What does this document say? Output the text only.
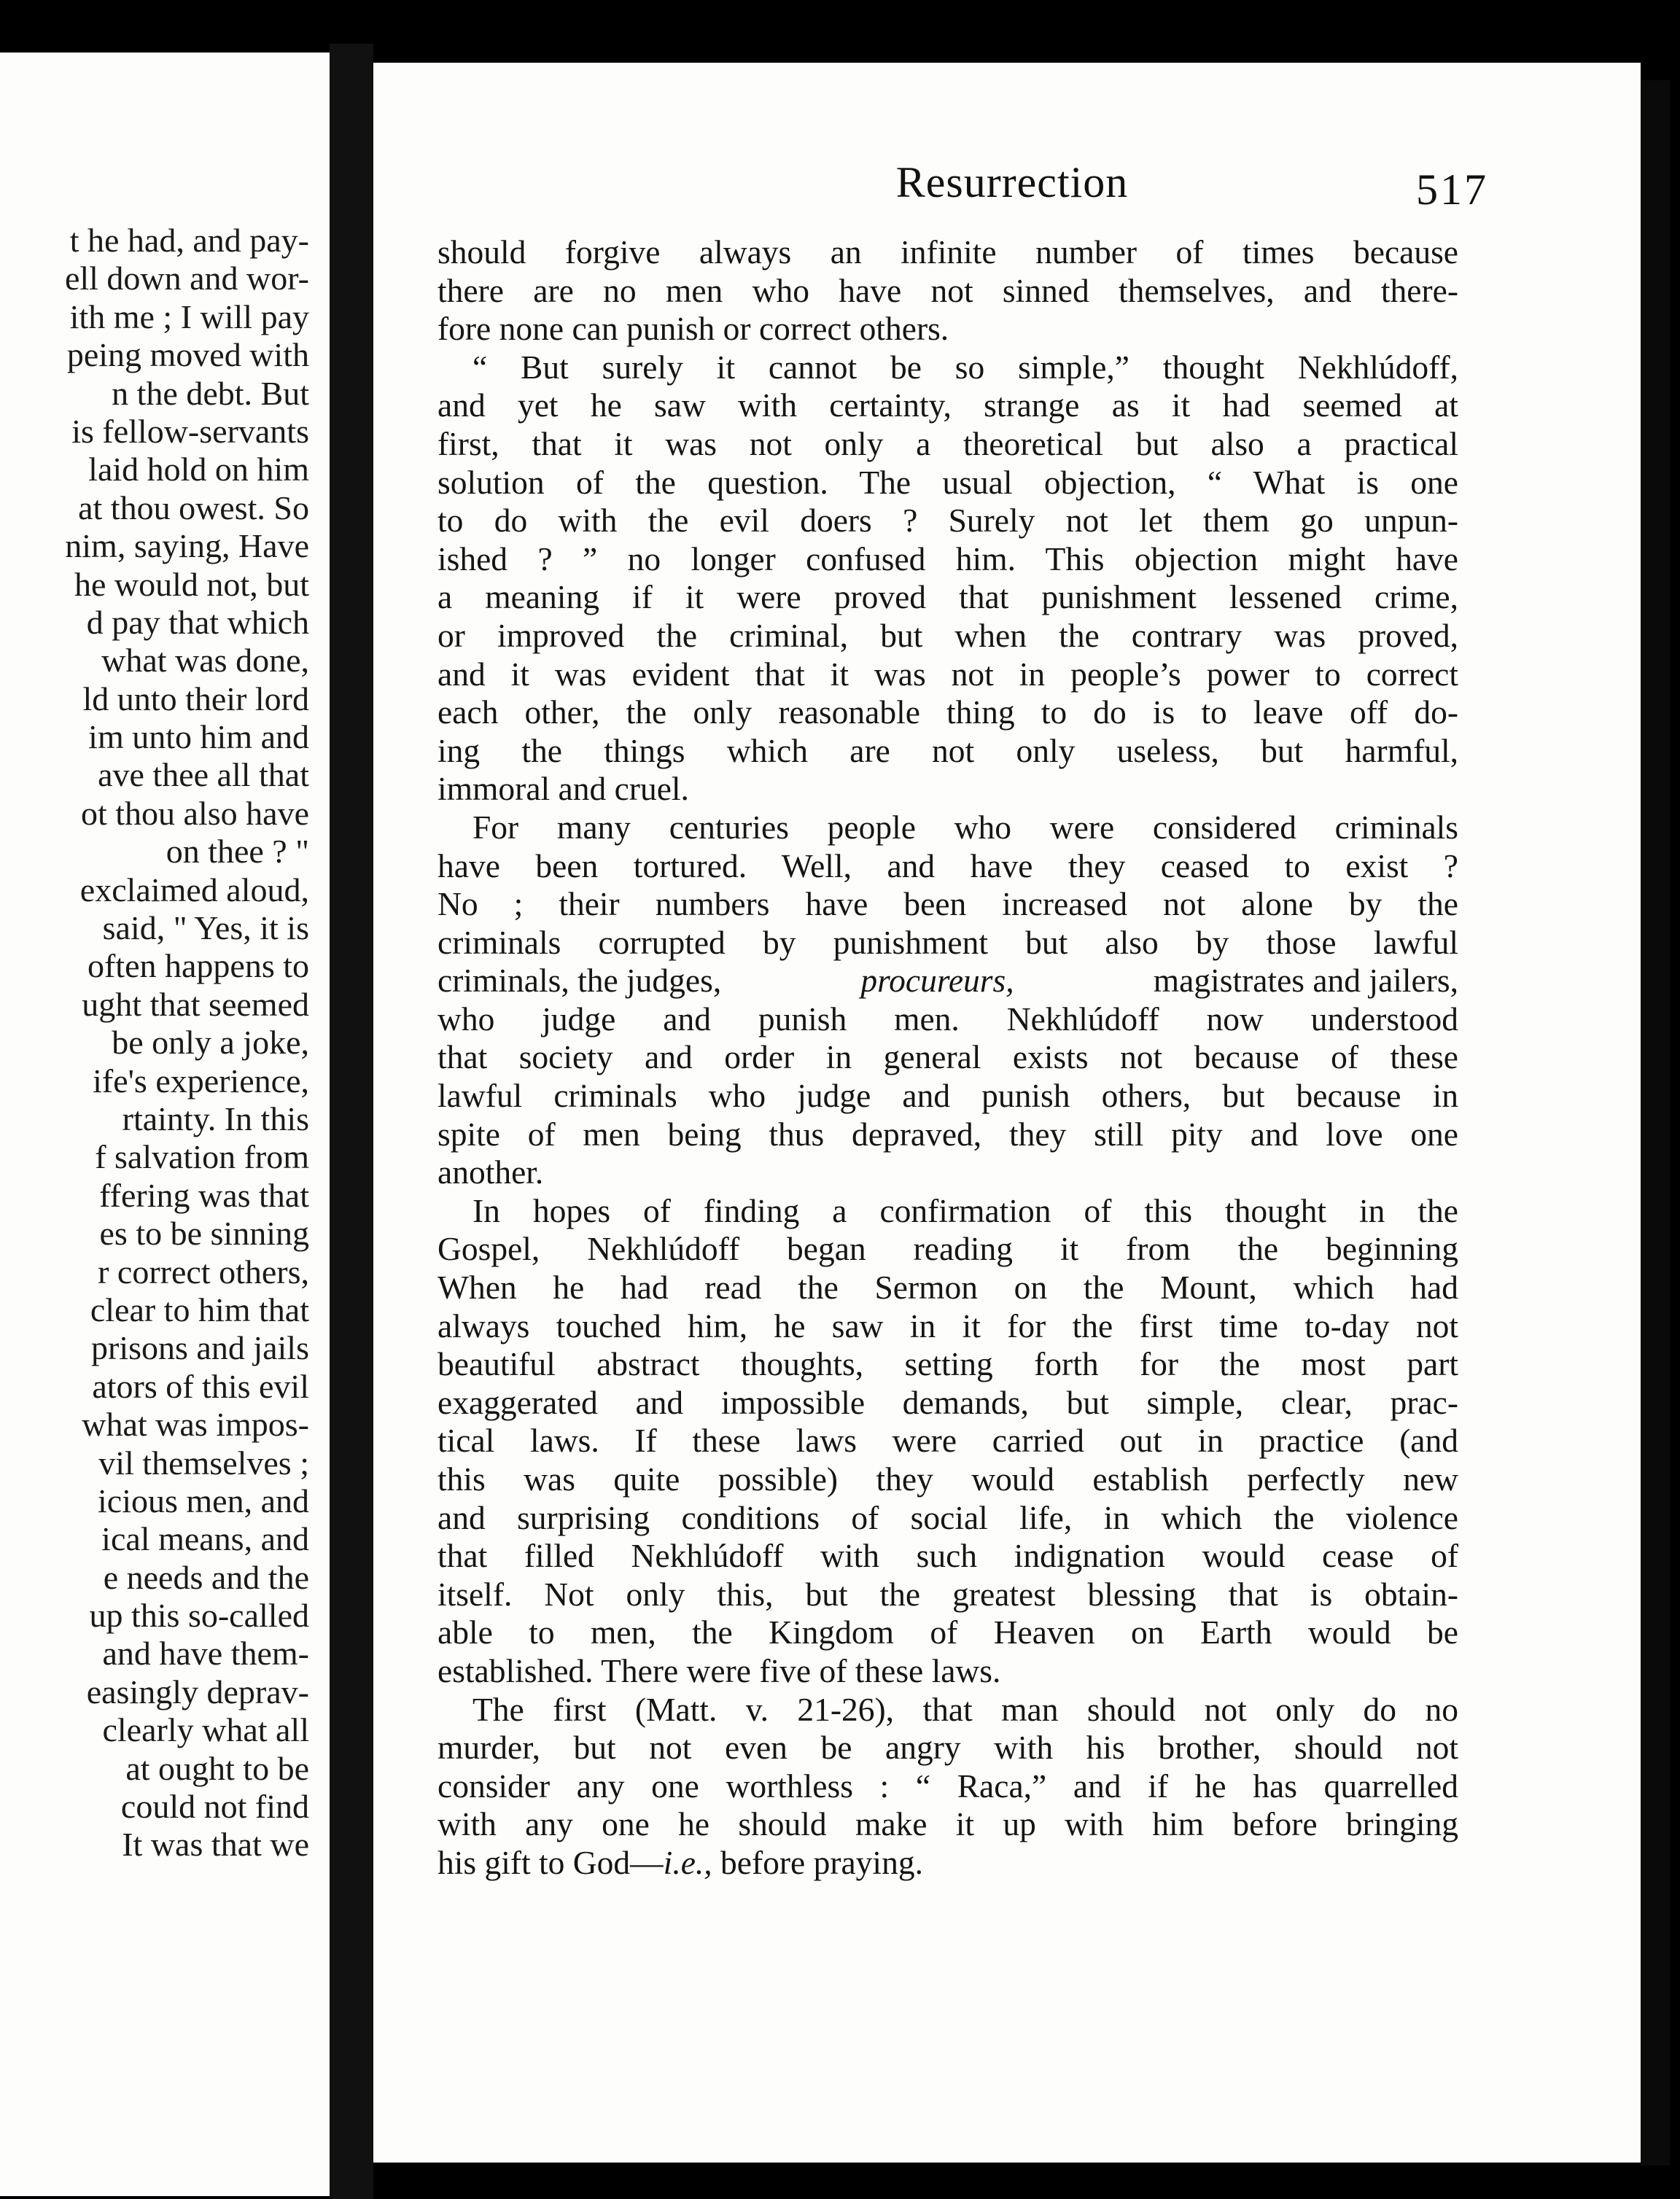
t he had, and pay-
ell down and wor-
ith me ; I will pay
peing moved with
n the debt. But
is fellow-servants
laid hold on him
at thou owest. So
nim, saying, Have
he would not, but
d pay that which
what was done,
ld unto their lord
im unto him and
ave thee all that
ot thou also have
on thee ? "
exclaimed aloud,
said, " Yes, it is
often happens to
ught that seemed
be only a joke,
ife's experience,
rtainty. In this
f salvation from
ffering was that
es to be sinning
r correct others,
clear to him that
prisons and jails
ators of this evil
what was impos-
vil themselves ;
icious men, and
ical means, and
e needs and the
up this so-called
and have them-
easingly deprav-
clearly what all
at ought to be
could not find
It was that we
Resurrection	517
should forgive always an infinite number of times because
there are no men who have not sinned themselves, and there-
fore none can punish or correct others.
“ But surely it cannot be so simple,” thought Nekhlúdoff,
and yet he saw with certainty, strange as it had seemed at
first, that it was not only a theoretical but also a practical
solution of the question. The usual objection, “ What is one
to do with the evil doers ? Surely not let them go unpun-
ished ? ” no longer confused him. This objection might have
a meaning if it were proved that punishment lessened crime,
or improved the criminal, but when the contrary was proved,
and it was evident that it was not in people’s power to correct
each other, the only reasonable thing to do is to leave off do-
ing the things which are not only useless, but harmful,
immoral and cruel.
For many centuries people who were considered criminals
have been tortured. Well, and have they ceased to exist ?
No ; their numbers have been increased not alone by the
criminals corrupted by punishment but also by those lawful
criminals, the judges,	procureurs,	magistrates and jailers,
who judge and punish men. Nekhlúdoff now understood
that society and order in general exists not because of these
lawful criminals who judge and punish others, but because in
spite of men being thus depraved, they still pity and love one
another.
In hopes of finding a confirmation of this thought in the
Gospel, Nekhlúdoff began reading it from the beginning
When he had read the Sermon on the Mount, which had
always touched him, he saw in it for the first time to-day not
beautiful abstract thoughts, setting forth for the most part
exaggerated and impossible demands, but simple, clear, prac-
tical laws. If these laws were carried out in practice (and
this was quite possible) they would establish perfectly new
and surprising conditions of social life, in which the violence
that filled Nekhlúdoff with such indignation would cease of
itself. Not only this, but the greatest blessing that is obtain-
able to men, the Kingdom of Heaven on Earth would be
established. There were five of these laws.
The first (Matt. v. 21-26), that man should not only do no
murder, but not even be angry with his brother, should not
consider any one worthless : “ Raca,” and if he has quarrelled
with any one he should make it up with him before bringing
his gift to God—i.e., before praying.
